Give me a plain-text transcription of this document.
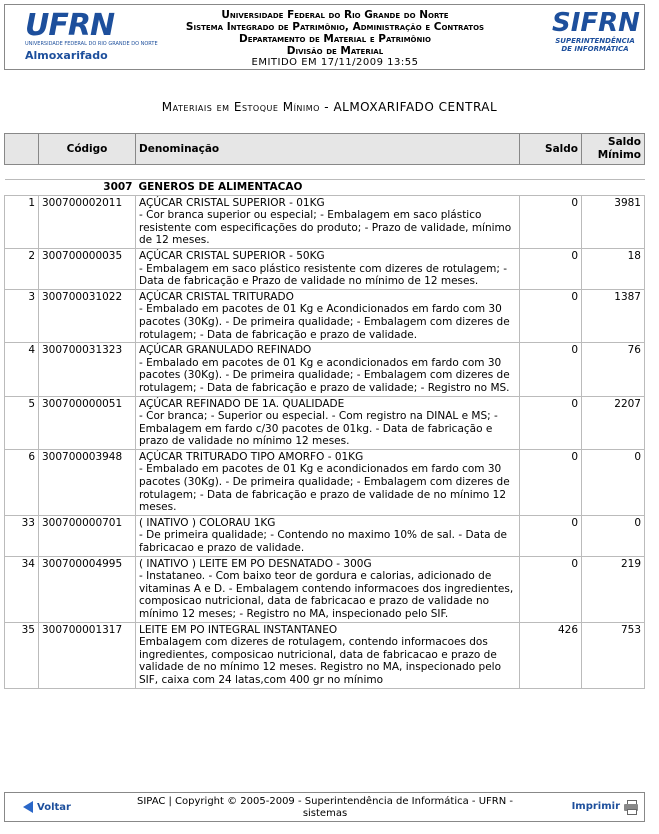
UFRN
UNIVERSIDADE FEDERAL DO RIO GRANDE DO NORTE
Almoxarifado
Universidade Federal do Rio Grande do Norte
Sistema Integrado de Patrimônio, Administração e Contratos
Departamento de Material e Patrimônio
Divisão de Material
EMITIDO EM 17/11/2009 13:55
SIFRN
SUPERINTENDÊNCIA
DE INFORMÁTICA
Materiais em Estoque Mínimo - ALMOXARIFADO CENTRAL
	Código	Denominação	Saldo	Saldo Mínimo

3007		GENEROS DE ALIMENTACAO		
1	300700002011	AÇÚCAR CRISTAL SUPERIOR - 01KG
- Cor branca superior ou especial; - Embalagem em saco plástico resistente com especificações do produto; - Prazo de validade, mínimo de 12 meses.	0	3981
2	300700000035	AÇÚCAR CRISTAL SUPERIOR - 50KG
- Embalagem em saco plástico resistente com dizeres de rotulagem; - Data de fabricação e Prazo de validade no mínimo de 12 meses.	0	18
3	300700031022	AÇÚCAR CRISTAL TRITURADO
- Embalado em pacotes de 01 Kg e Acondicionados em fardo com 30 pacotes (30Kg). - De primeira qualidade; - Embalagem com dizeres de rotulagem; - Data de fabricação e prazo de validade.	0	1387
4	300700031323	AÇÚCAR GRANULADO REFINADO
- Embalado em pacotes de 01 Kg e acondicionados em fardo com 30 pacotes (30Kg). - De primeira qualidade; - Embalagem com dizeres de rotulagem; - Data de fabricação e prazo de validade; - Registro no MS.	0	76
5	300700000051	AÇÚCAR REFINADO DE 1A. QUALIDADE
- Cor branca; - Superior ou especial. - Com registro na DINAL e MS; - Embalagem em fardo c/30 pacotes de 01kg. - Data de fabricação e prazo de validade no mínimo 12 meses.	0	2207
6	300700003948	AÇÚCAR TRITURADO TIPO AMORFO - 01KG
- Embalado em pacotes de 01 Kg e acondicionados em fardo com 30 pacotes (30Kg). - De primeira qualidade; - Embalagem com dizeres de rotulagem; - Data de fabricação e prazo de validade de no mínimo 12 meses.	0	0
33	300700000701	( INATIVO ) COLORAU 1KG
- De primeira qualidade; - Contendo no maximo 10% de sal. - Data de fabricacao e prazo de validade.	0	0
34	300700004995	( INATIVO ) LEITE EM PO DESNATADO - 300G
- Instataneo. - Com baixo teor de gordura e calorias, adicionado de vitaminas A e D. - Embalagem contendo informacoes dos ingredientes, composicao nutricional, data de fabricacao e prazo de validade no mínimo 12 meses; - Registro no MA, inspecionado pelo SIF.	0	219
35	300700001317	LEITE EM PO INTEGRAL INSTANTANEO
Embalagem com dizeres de rotulagem, contendo informacoes dos ingredientes, composicao nutricional, data de fabricacao e prazo de validade de no mínimo 12 meses. Registro no MA, inspecionado pelo SIF, caixa com 24 latas,com 400 gr no mínimo	426	753
Voltar	SIPAC | Copyright © 2005-2009 - Superintendência de Informática - UFRN -
sistemas
Imprimir
